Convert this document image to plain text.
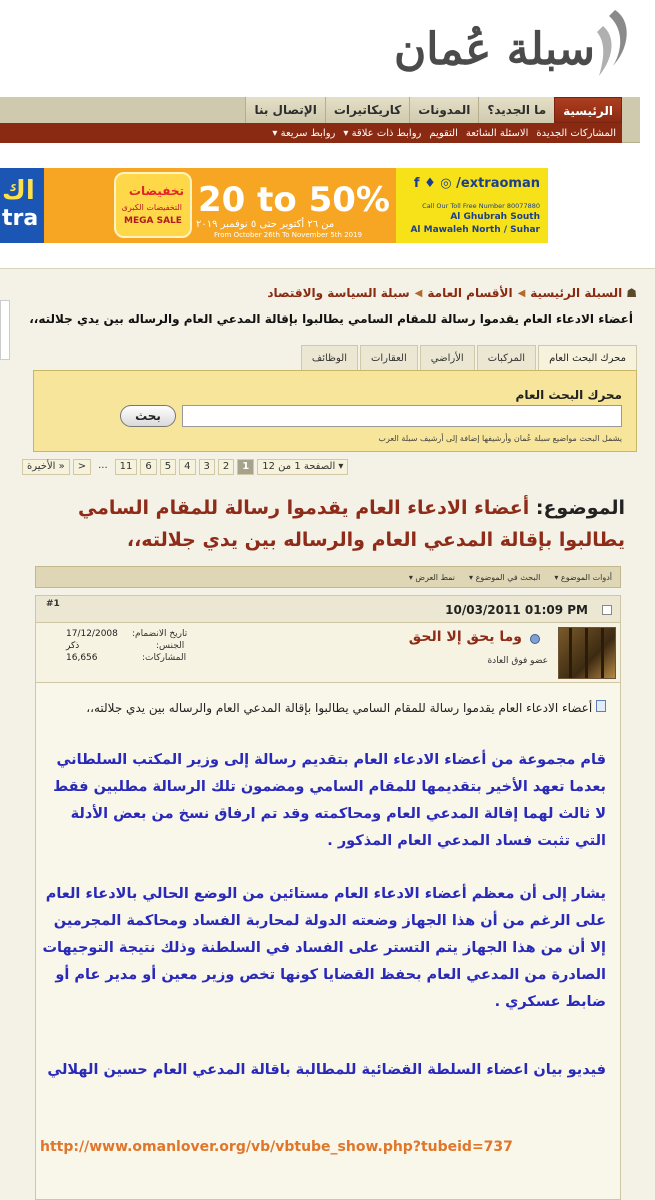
سبلة عُمان
الرئيسية
ما الجديد؟
المدونات
كاريكاتيرات
الإتصال بنا
المشاركات الجديدة
الاسئلة الشائعة
التقويم
روابط ذات علاقة ▾
روابط سريعة ▾
اك
tra
تخفيضات
التخفيضات الكبرى
MEGA SALE
20 to 50%
من ٢٦ أكتوبر حتى ٥ نوفمبر ٢٠١٩
From October 26th To November 5th 2019
f ♦ ◎ /extraoman
Call Our Toll Free Number 80077880
Al Ghubrah South
Al Mawaleh North / Suhar
☗
السبلة الرئيسية
◀
الأقسام العامة
◀
سبلة السياسة والاقتصاد
أعضاء الادعاء العام يقدموا رسالة للمقام السامي يطالبوا بإقالة المدعي العام والرساله بين يدي جلالته،،
محرك البحث العام
المركبات
الأراضي
العقارات
الوظائف
محرك البحث العام
بحث
يشمل البحث مواضيع سبلة عُمان وأرشيفها إضافة إلى أرشيف سبلة العرب
الصفحة 1 من 12 ▾
1
2
3
4
5
6
11
...
>
الأخيرة »
الموضوع: أعضاء الادعاء العام يقدموا رسالة للمقام السامي يطالبوا بإقالة المدعي العام والرساله بين يدي جلالته،،
أدوات الموضوع ▾
البحث في الموضوع ▾
نمط العرض ▾
10/03/2011 01:09 PM
#1
وما يحق إلا الحق
عضو فوق العادة
تاريخ الانضمام:
17/12/2008
الجنس:
ذكر
المشاركات:
16,656
أعضاء الادعاء العام يقدموا رسالة للمقام السامي يطالبوا بإقالة المدعي العام والرساله بين يدي جلالته،،
قام مجموعة من أعضاء الادعاء العام بتقديم رسالة إلى وزير المكتب السلطاني بعدما تعهد الأخير بتقديمها للمقام السامي ومضمون تلك الرسالة مطلبين فقط لا ثالث لهما إقالة المدعي العام ومحاكمته وقد تم ارفاق نسخ من بعض الأدلة التي تثبت فساد المدعي العام المذكور .
يشار إلى أن معظم أعضاء الادعاء العام مستائين من الوضع الحالي بالادعاء العام على الرغم من أن هذا الجهاز وضعته الدولة لمحاربة الفساد ومحاكمة المجرمين إلا أن من هذا الجهاز يتم التستر على الفساد في السلطنة وذلك نتيجة التوجيهات الصادرة من المدعي العام بحفظ القضايا كونها تخص وزير معين أو مدير عام أو ضابط عسكري .
فيديو بيان اعضاء السلطة القضائية للمطالبة باقالة المدعي العام حسين الهلالي
http://www.omanlover.org/vb/vbtube_show.php?tubeid=737
